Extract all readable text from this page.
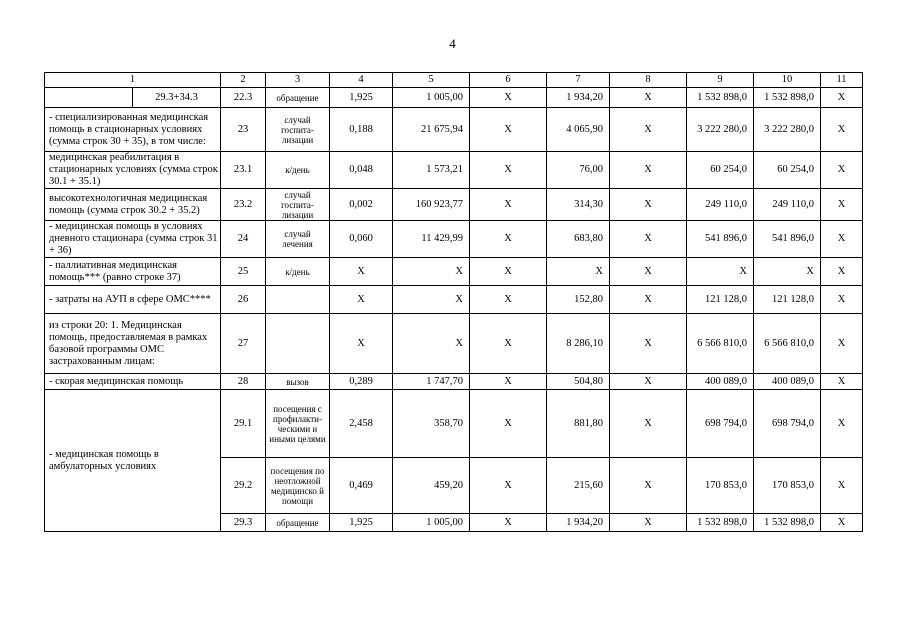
4
1		2	3	4	5	6	7	8	9	10	11
	29.3+34.3	22.3	обращение	1,925	1 005,00	Х	1 934,20	Х	1 532 898,0	1 532 898,0	Х
- специализированная медицинская помощь в стационарных условиях (сумма строк 30 + 35), в том числе:		23	случай госпита-лизации	0,188	21 675,94	Х	4 065,90	Х	3 222 280,0	3 222 280,0	Х
медицинская реабилитация в стационарных условиях (сумма строк 30.1 + 35.1)		23.1	к/день	0,048	1 573,21	Х	76,00	Х	60 254,0	60 254,0	Х
высокотехнологичная медицинская помощь (сумма строк 30.2 + 35.2)		23.2	случай госпита-лизации	0,002	160 923,77	Х	314,30	Х	249 110,0	249 110,0	Х
- медицинская помощь в условиях дневного стационара (сумма строк 31 + 36)		24	случай лечения	0,060	11 429,99	Х	683,80	Х	541 896,0	541 896,0	Х
- паллиативная медицинская помощь*** (равно строке 37)		25	к/день	Х	Х	Х	Х	Х	Х	Х	Х
- затраты на АУП в сфере ОМС****		26		Х	Х	Х	152,80	Х	121 128,0	121 128,0	Х
из строки 20: 1. Медицинская помощь, предоставляемая в рамках базовой программы ОМС застрахованным лицам:		27		Х	Х	Х	8 286,10	Х	6 566 810,0	6 566 810,0	Х
- скорая медицинская помощь		28	вызов	0,289	1 747,70	Х	504,80	Х	400 089,0	400 089,0	Х
- медицинская помощь в амбулаторных условиях		29.1	посещения с профилакти-ческими и иными целями	2,458	358,70	Х	881,80	Х	698 794,0	698 794,0	Х
		29.2	посещения по неотложной медицинско й помощи	0,469	459,20	Х	215,60	Х	170 853,0	170 853,0	Х
		29.3	обращение	1,925	1 005,00	Х	1 934,20	Х	1 532 898,0	1 532 898,0	Х
